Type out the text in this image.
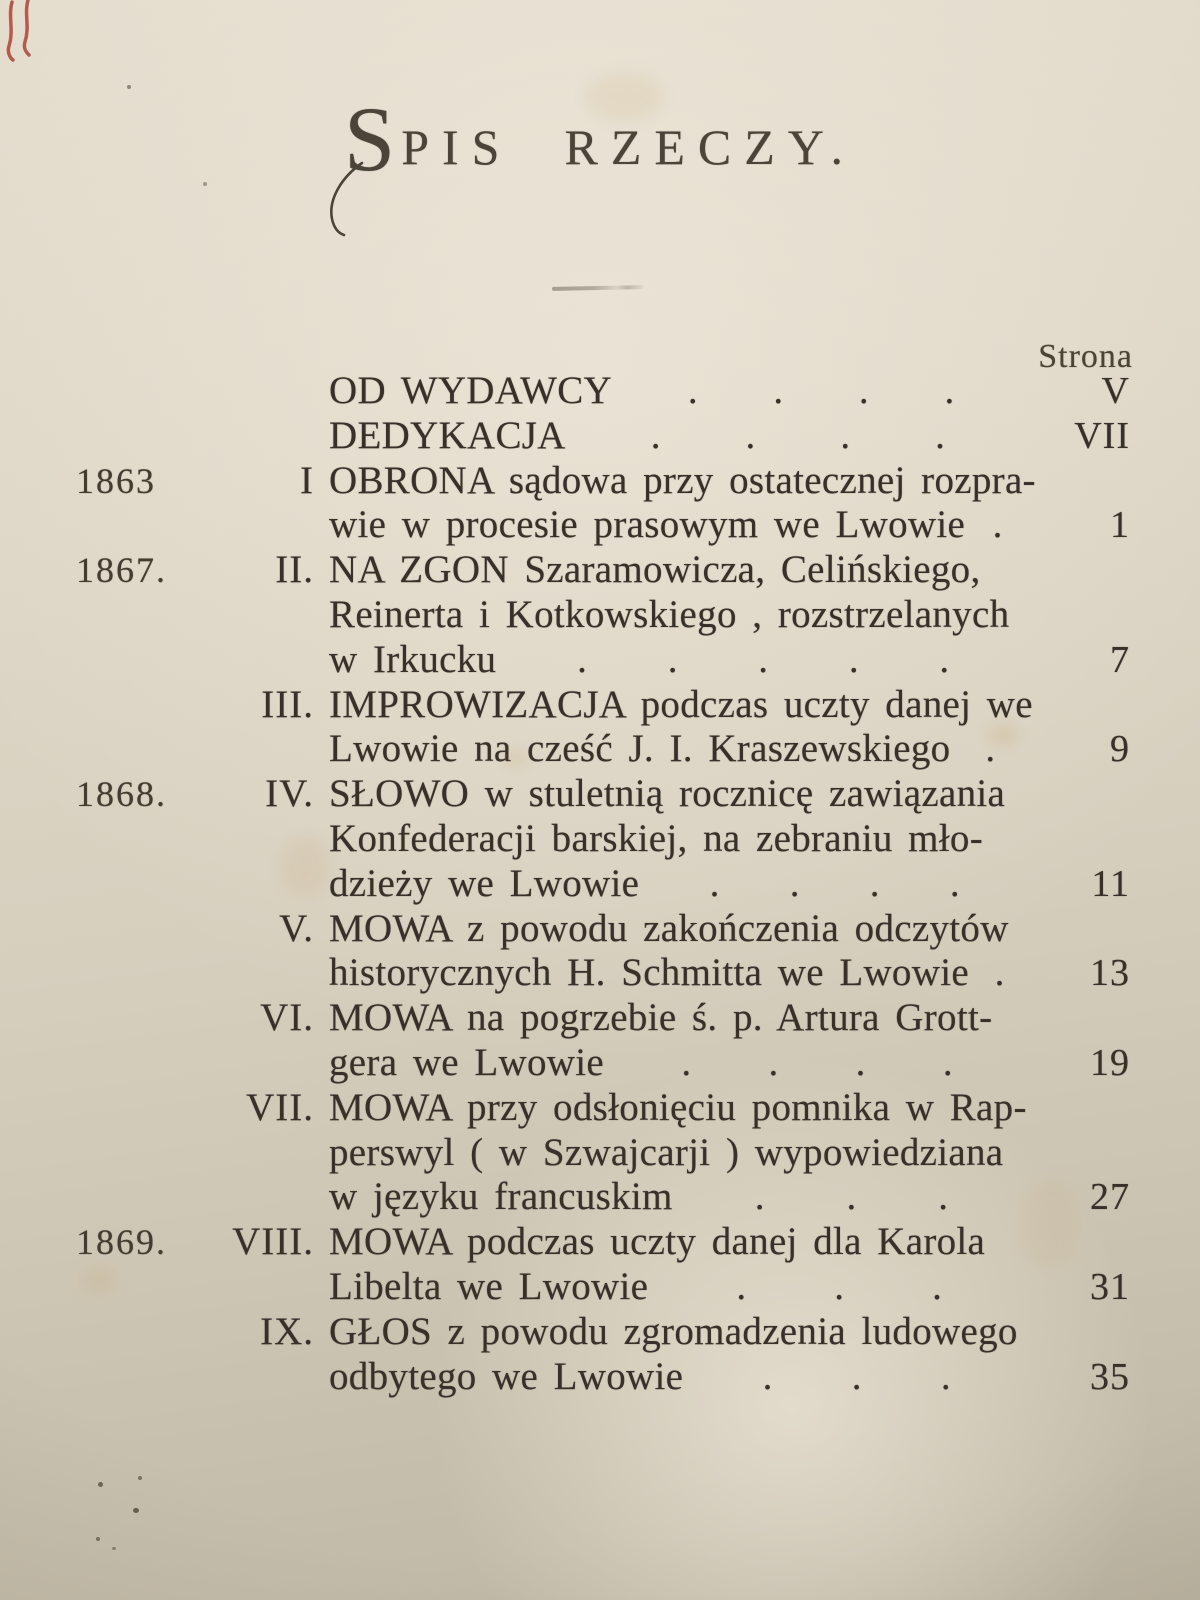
SPIS RZECZY.
Strona
OD WYDAWCY . . . .	V
DEDYKACJA . . . .	VII
1863	I OBRONA sądowa przy ostatecznej rozpra-
wie w procesie prasowym we Lwowie .	1
1867.	II. NA ZGON Szaramowicza, Celińskiego,
Reinerta i Kotkowskiego , rozstrzelanych
w Irkucku . . . . .	7
III. IMPROWIZACJA podczas uczty danej we
Lwowie na cześć J. I. Kraszewskiego .	9
1868.	IV. SŁOWO w stuletnią rocznicę zawiązania
Konfederacji barskiej, na zebraniu mło-
dzieży we Lwowie . . . .	11
V. MOWA z powodu zakończenia odczytów
historycznych H. Schmitta we Lwowie .	13
VI. MOWA na pogrzebie ś. p. Artura Grott-
gera we Lwowie . . . .	19
VII. MOWA przy odsłonięciu pomnika w Rap-
perswyl ( w Szwajcarji ) wypowiedziana
w języku francuskim . . .	27
1869.	VIII. MOWA podczas uczty danej dla Karola
Libelta we Lwowie . . .	31
IX. GŁOS z powodu zgromadzenia ludowego
odbytego we Lwowie . . .	35
